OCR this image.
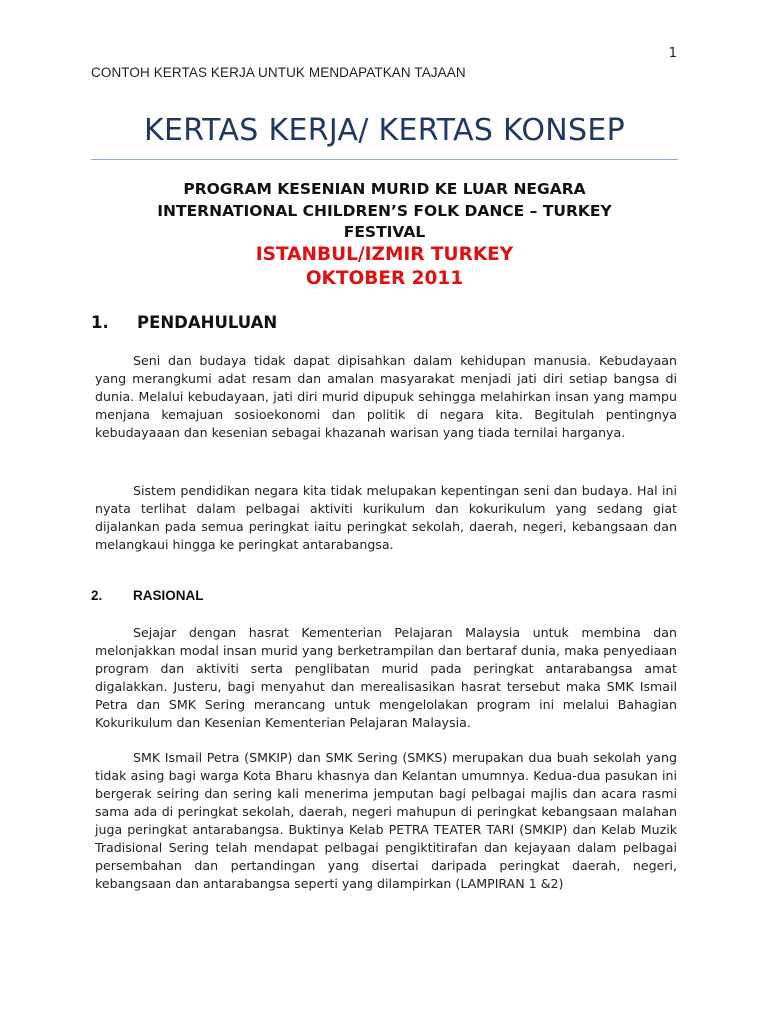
1
CONTOH KERTAS KERJA UNTUK MENDAPATKAN TAJAAN
KERTAS KERJA/ KERTAS KONSEP
PROGRAM KESENIAN MURID KE LUAR NEGARA
INTERNATIONAL CHILDREN’S FOLK DANCE – TURKEY
FESTIVAL
ISTANBUL/IZMIR TURKEY
OKTOBER 2011
1. PENDAHULUAN

Seni dan budaya tidak dapat dipisahkan dalam kehidupan manusia. Kebudayaan yang merangkumi adat resam dan amalan masyarakat menjadi jati diri setiap bangsa di dunia. Melalui kebudayaan, jati diri murid dipupuk sehingga melahirkan insan yang mampu menjana kemajuan sosioekonomi dan politik di negara kita. Begitulah pentingnya kebudayaaan dan kesenian sebagai khazanah warisan yang tiada ternilai harganya.

Sistem pendidikan negara kita tidak melupakan kepentingan seni dan budaya. Hal ini nyata terlihat dalam pelbagai aktiviti kurikulum dan kokurikulum yang sedang giat dijalankan pada semua peringkat iaitu peringkat sekolah, daerah, negeri, kebangsaan dan melangkaui hingga ke peringkat antarabangsa.

2. RASIONAL

Sejajar dengan hasrat Kementerian Pelajaran Malaysia untuk membina dan melonjakkan modal insan murid yang berketrampilan dan bertaraf dunia, maka penyediaan program dan aktiviti serta penglibatan murid pada peringkat antarabangsa amat digalakkan. Justeru, bagi menyahut dan merealisasikan hasrat tersebut maka SMK Ismail Petra dan SMK Sering merancang untuk mengelolakan program ini melalui Bahagian Kokurikulum dan Kesenian Kementerian Pelajaran Malaysia.

SMK Ismail Petra (SMKIP) dan SMK Sering (SMKS) merupakan dua buah sekolah yang tidak asing bagi warga Kota Bharu khasnya dan Kelantan umumnya. Kedua-dua pasukan ini bergerak seiring dan sering kali menerima jemputan bagi pelbagai majlis dan acara rasmi sama ada di peringkat sekolah, daerah, negeri mahupun di peringkat kebangsaan malahan juga peringkat antarabangsa. Buktinya Kelab PETRA TEATER TARI (SMKIP) dan Kelab Muzik Tradisional Sering telah mendapat pelbagai pengiktitirafan dan kejayaan dalam pelbagai persembahan dan pertandingan yang disertai daripada peringkat daerah, negeri, kebangsaan dan antarabangsa seperti yang dilampirkan (LAMPIRAN 1 &2)
